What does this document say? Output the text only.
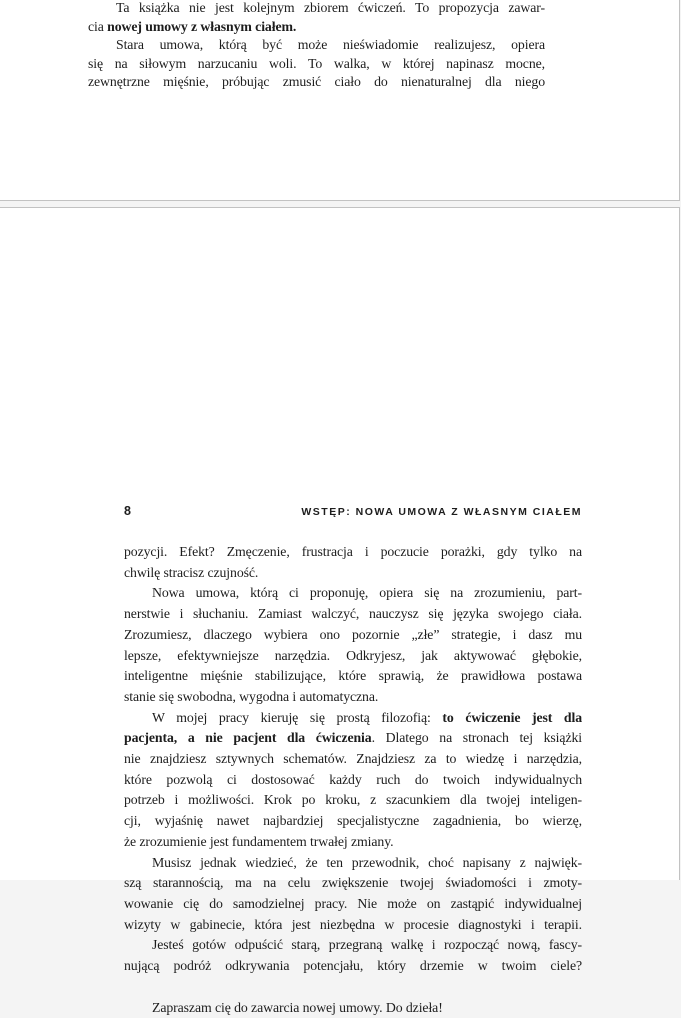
Ta książka nie jest kolejnym zbiorem ćwiczeń. To propozycja zawar-
cia nowej umowy z własnym ciałem.
Stara umowa, którą być może nieświadomie realizujesz, opiera
się na siłowym narzucaniu woli. To walka, w której napinasz mocne,
zewnętrzne mięśnie, próbując zmusić ciało do nienaturalnej dla niego
8	WSTĘP: NOWA UMOWA Z WŁASNYM CIAŁEM
pozycji. Efekt? Zmęczenie, frustracja i poczucie porażki, gdy tylko na
chwilę stracisz czujność.
Nowa umowa, którą ci proponuję, opiera się na zrozumieniu, part-
nerstwie i słuchaniu. Zamiast walczyć, nauczysz się języka swojego ciała.
Zrozumiesz, dlaczego wybiera ono pozornie „złe” strategie, i dasz mu
lepsze, efektywniejsze narzędzia. Odkryjesz, jak aktywować głębokie,
inteligentne mięśnie stabilizujące, które sprawią, że prawidłowa postawa
stanie się swobodna, wygodna i automatyczna.
W mojej pracy kieruję się prostą filozofią: to ćwiczenie jest dla
pacjenta, a nie pacjent dla ćwiczenia. Dlatego na stronach tej książki
nie znajdziesz sztywnych schematów. Znajdziesz za to wiedzę i narzędzia,
które pozwolą ci dostosować każdy ruch do twoich indywidualnych
potrzeb i możliwości. Krok po kroku, z szacunkiem dla twojej inteligen-
cji, wyjaśnię nawet najbardziej specjalistyczne zagadnienia, bo wierzę,
że zrozumienie jest fundamentem trwałej zmiany.
Musisz jednak wiedzieć, że ten przewodnik, choć napisany z najwięk-
szą starannością, ma na celu zwiększenie twojej świadomości i zmoty-
wowanie cię do samodzielnej pracy. Nie może on zastąpić indywidualnej
wizyty w gabinecie, która jest niezbędna w procesie diagnostyki i terapii.
Jesteś gotów odpuścić starą, przegraną walkę i rozpocząć nową, fascy-
nującą podróż odkrywania potencjału, który drzemie w twoim ciele?
Zapraszam cię do zawarcia nowej umowy. Do dzieła!
